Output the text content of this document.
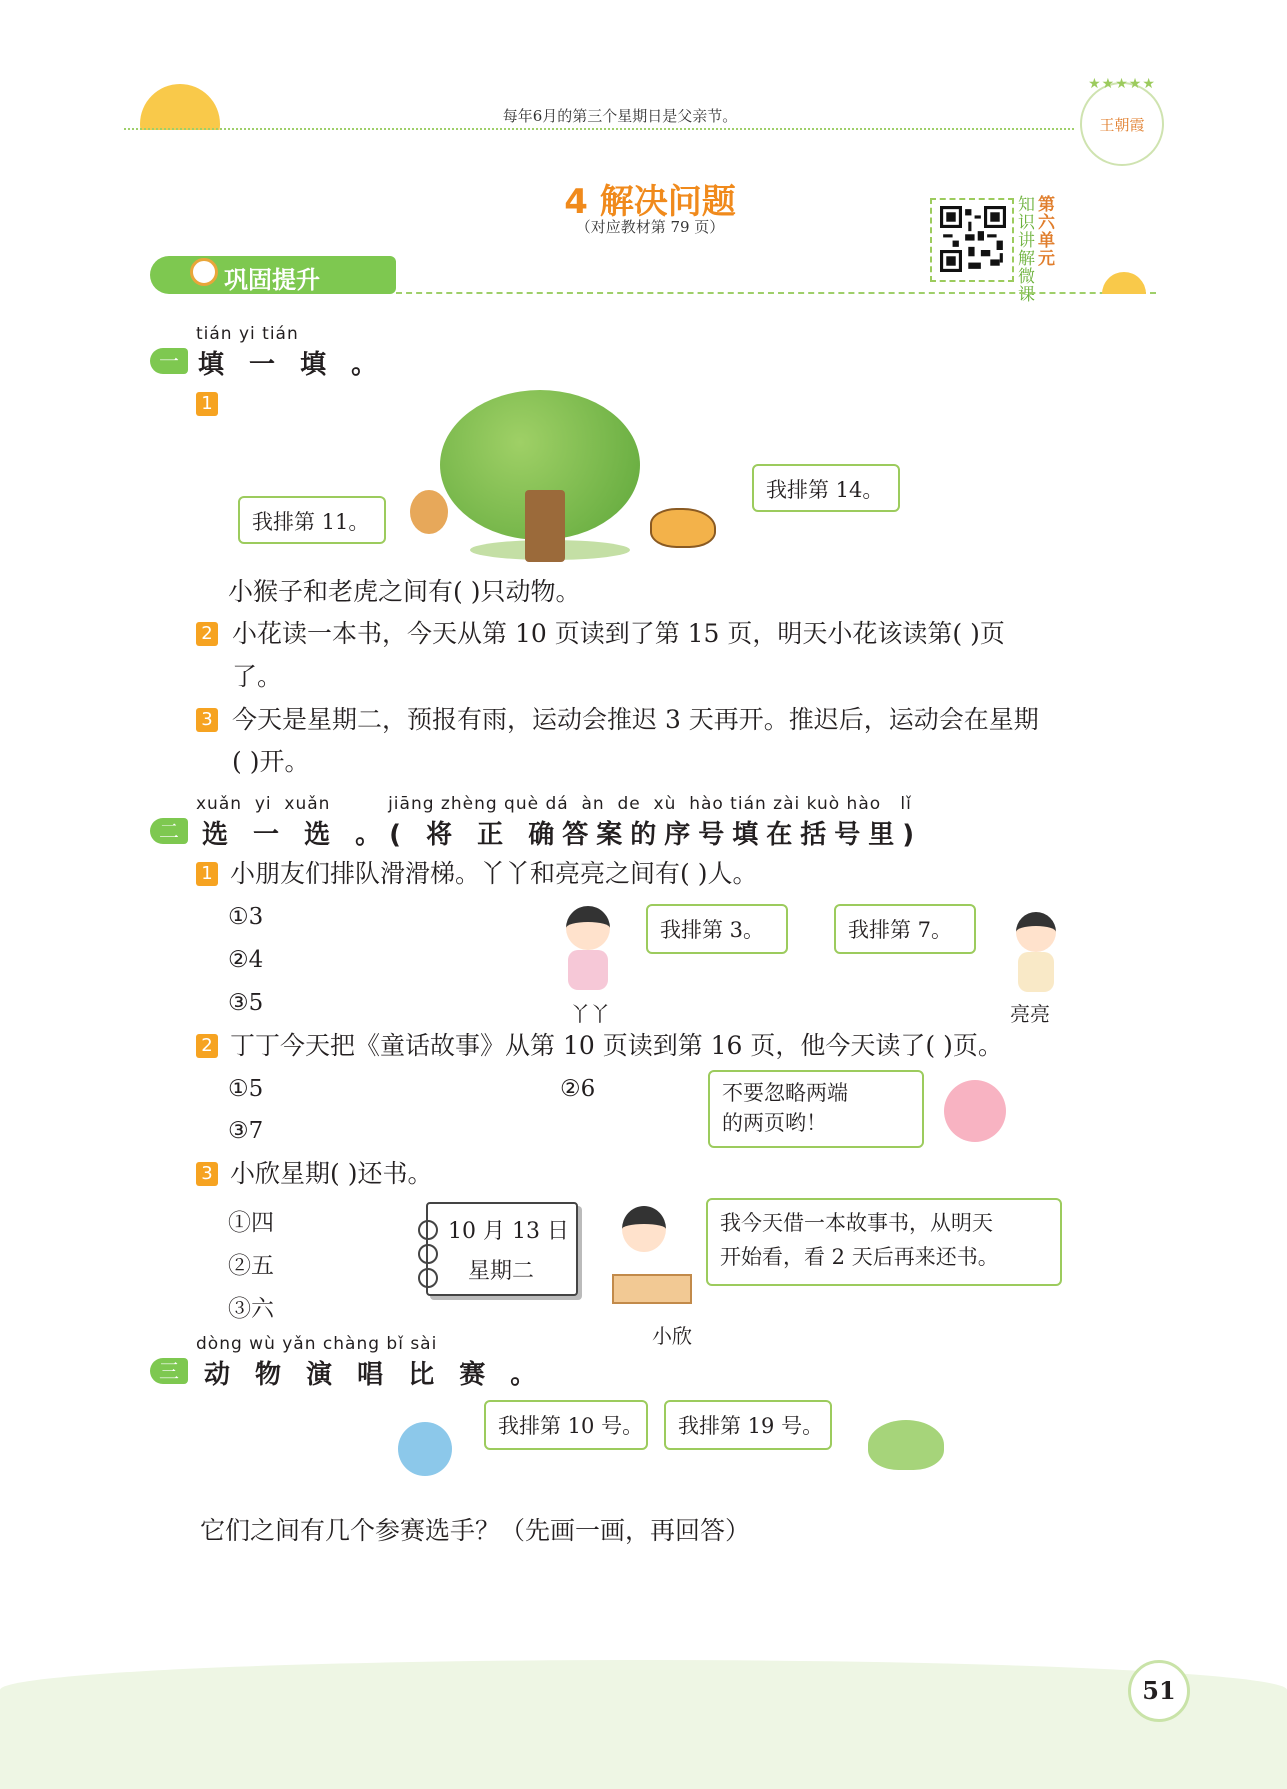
每年6月的第三个星期日是父亲节。
★★★★★
王朝霞
4 解决问题
（对应教材第 79 页）
知识讲解微课
第六单元
巩固提升
tián yi tián
一 填 一 填 。
1
我排第 11。
我排第 14。
小猴子和老虎之间有( )只动物。
2 小花读一本书，今天从第 10 页读到了第 15 页，明天小花该读第( )页
了。
3 今天是星期二，预报有雨，运动会推迟 3 天再开。推迟后，运动会在星期
( )开。
xuǎn  yi  xuǎn         jiāng zhèng què dá  àn  de  xù  hào tián zài kuò hào   lǐ
二 选 一 选 。( 将 正 确答案的序号填在括号里)
1 小朋友们排队滑滑梯。丫丫和亮亮之间有( )人。
①3
②4
③5	丫丫
我排第 3。	我排第 7。
亮亮
2 丁丁今天把《童话故事》从第 10 页读到第 16 页，他今天读了( )页。
①5	②6
③7
不要忽略两端
的两页哟！
3 小欣星期( )还书。
①四
②五
③六
10 月 13 日
星期二
小欣
我今天借一本故事书，从明天
开始看，看 2 天后再来还书。
dòng wù yǎn chàng bǐ sài
三 动 物 演 唱 比 赛 。
我排第 10 号。	我排第 19 号。
它们之间有几个参赛选手？（先画一画，再回答）
51
